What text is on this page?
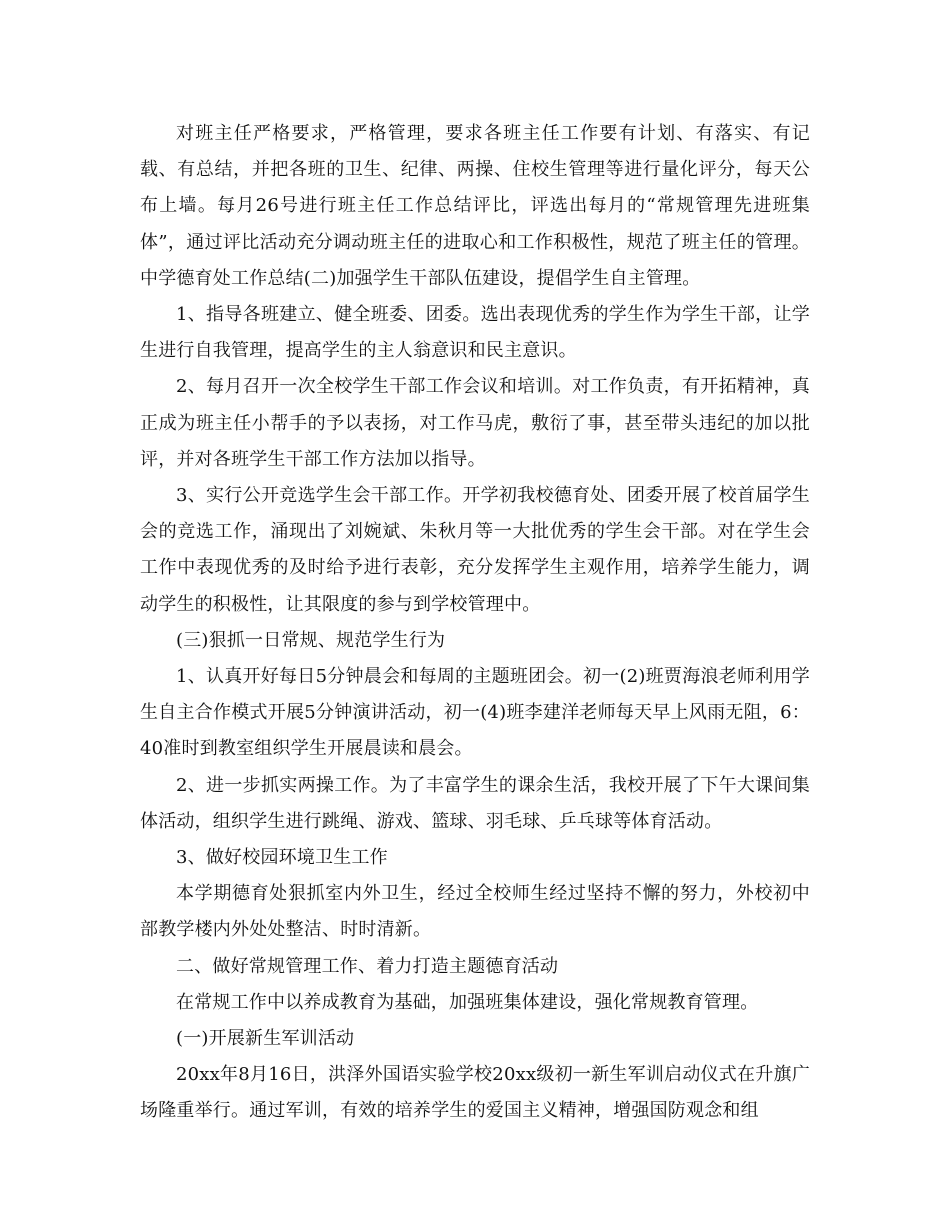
对班主任严格要求，严格管理，要求各班主任工作要有计划、有落实、有记载、有总结，并把各班的卫生、纪律、两操、住校生管理等进行量化评分，每天公布上墙。每月26号进行班主任工作总结评比，评选出每月的“常规管理先进班集体”，通过评比活动充分调动班主任的进取心和工作积极性，规范了班主任的管理。中学德育处工作总结(二)加强学生干部队伍建设，提倡学生自主管理。

1、指导各班建立、健全班委、团委。选出表现优秀的学生作为学生干部，让学生进行自我管理，提高学生的主人翁意识和民主意识。

2、每月召开一次全校学生干部工作会议和培训。对工作负责，有开拓精神，真正成为班主任小帮手的予以表扬，对工作马虎，敷衍了事，甚至带头违纪的加以批评，并对各班学生干部工作方法加以指导。

3、实行公开竞选学生会干部工作。开学初我校德育处、团委开展了校首届学生会的竞选工作，涌现出了刘婉斌、朱秋月等一大批优秀的学生会干部。对在学生会工作中表现优秀的及时给予进行表彰，充分发挥学生主观作用，培养学生能力，调动学生的积极性，让其限度的参与到学校管理中。

(三)狠抓一日常规、规范学生行为

1、认真开好每日5分钟晨会和每周的主题班团会。初一(2)班贾海浪老师利用学生自主合作模式开展5分钟演讲活动，初一(4)班李建洋老师每天早上风雨无阻，6：40准时到教室组织学生开展晨读和晨会。

2、进一步抓实两操工作。为了丰富学生的课余生活，我校开展了下午大课间集体活动，组织学生进行跳绳、游戏、篮球、羽毛球、乒乓球等体育活动。

3、做好校园环境卫生工作

本学期德育处狠抓室内外卫生，经过全校师生经过坚持不懈的努力，外校初中部教学楼内外处处整洁、时时清新。

二、做好常规管理工作、着力打造主题德育活动

在常规工作中以养成教育为基础，加强班集体建设，强化常规教育管理。

(一)开展新生军训活动

20xx年8月16日，洪泽外国语实验学校20xx级初一新生军训启动仪式在升旗广场隆重举行。通过军训，有效的培养学生的爱国主义精神，增强国防观念和组
